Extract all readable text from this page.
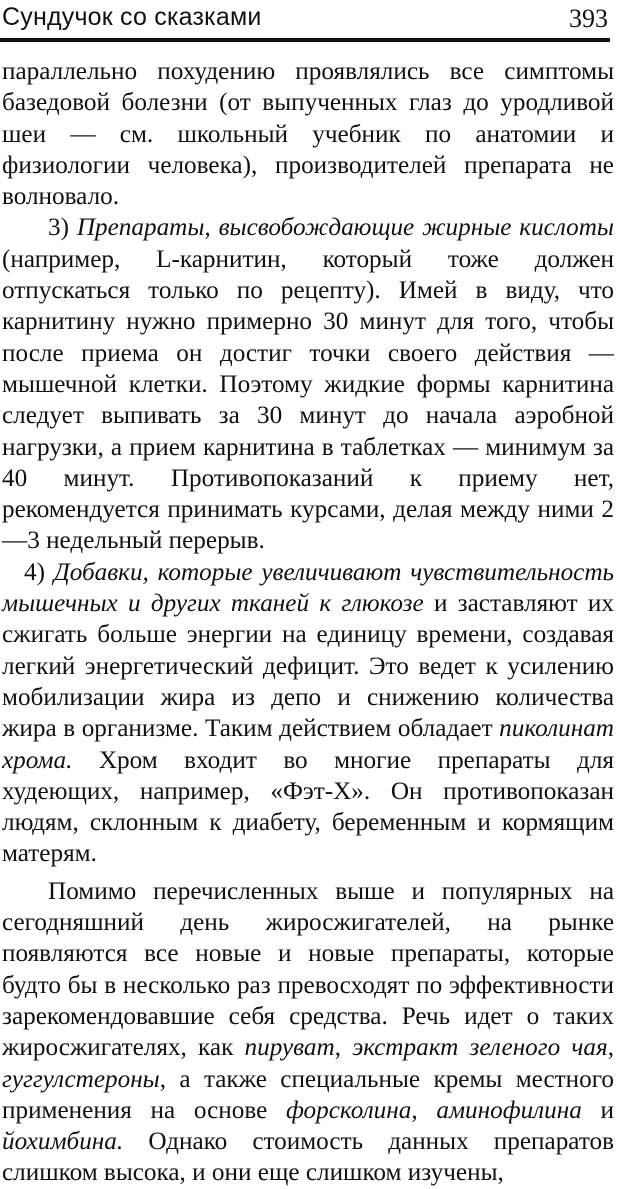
Сундучок со сказками	393

параллельно похудению проявлялись все симптомы базедовой болезни (от выпученных глаз до уродливой шеи — см. школьный учебник по анатомии и физиологии человека), производителей препарата не волновало.

3) Препараты, высвобождающие жирные кислоты (например, L-карнитин, который тоже должен отпускаться только по рецепту). Имей в виду, что карнитину нужно примерно 30 минут для того, чтобы после приема он достиг точки своего действия — мышечной клетки. Поэтому жидкие формы карнитина следует выпивать за 30 минут до начала аэробной нагрузки, а прием карнитина в таблетках — минимум за 40 минут. Противопоказаний к приему нет, рекомендуется принимать курсами, делая между ними 2—3 недельный перерыв.

4) Добавки, которые увеличивают чувствительность мышечных и других тканей к глюкозе и заставляют их сжигать больше энергии на единицу времени, создавая легкий энергетический дефицит. Это ведет к усилению мобилизации жира из депо и снижению количества жира в организме. Таким действием обладает пиколинат хрома. Хром входит во многие препараты для худеющих, например, «Фэт-Х». Он противопоказан людям, склонным к диабету, беременным и кормящим матерям.

Помимо перечисленных выше и популярных на сегодняшний день жиросжигателей, на рынке появляются все новые и новые препараты, которые будто бы в несколько раз превосходят по эффективности зарекомендовавшие себя средства. Речь идет о таких жиросжигателях, как пируват, экстракт зеленого чая, гуггулстероны, а также специальные кремы местного применения на основе форсколина, аминофилина и йохимбина. Однако стоимость данных препаратов слишком высока, и они еще слишком изучены,
